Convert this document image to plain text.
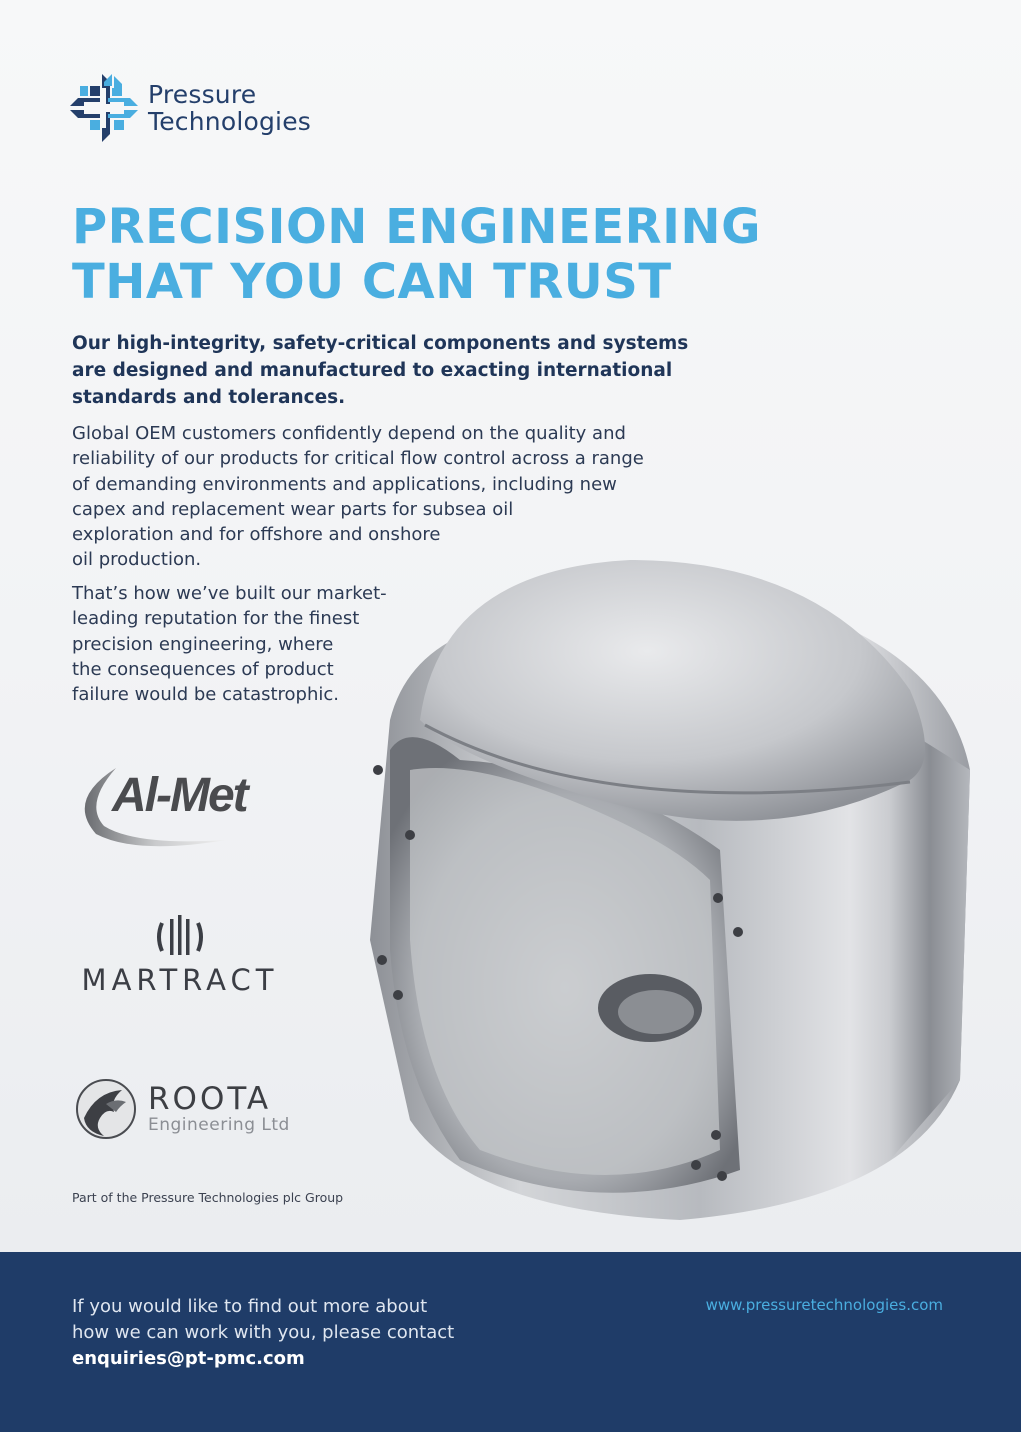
Pressure
Technologies
PRECISION ENGINEERING
THAT YOU CAN TRUST

Our high-integrity, safety-critical components and systems are designed and manufactured to exacting international standards and tolerances.

Global OEM customers confidently depend on the quality and
reliability of our products for critical flow control across a range
of demanding environments and applications, including new
capex and replacement wear parts for subsea oil
exploration and for offshore and onshore
oil production.

That’s how we’ve built our market-
leading reputation for the finest
precision engineering, where
the consequences of product
failure would be catastrophic.

Al-Met
MARTRACT
ROOTA
Engineering Ltd
Part of the Pressure Technologies plc Group
If you would like to find out more about
how we can work with you, please contact
enquiries@pt-pmc.com
www.pressuretechnologies.com
